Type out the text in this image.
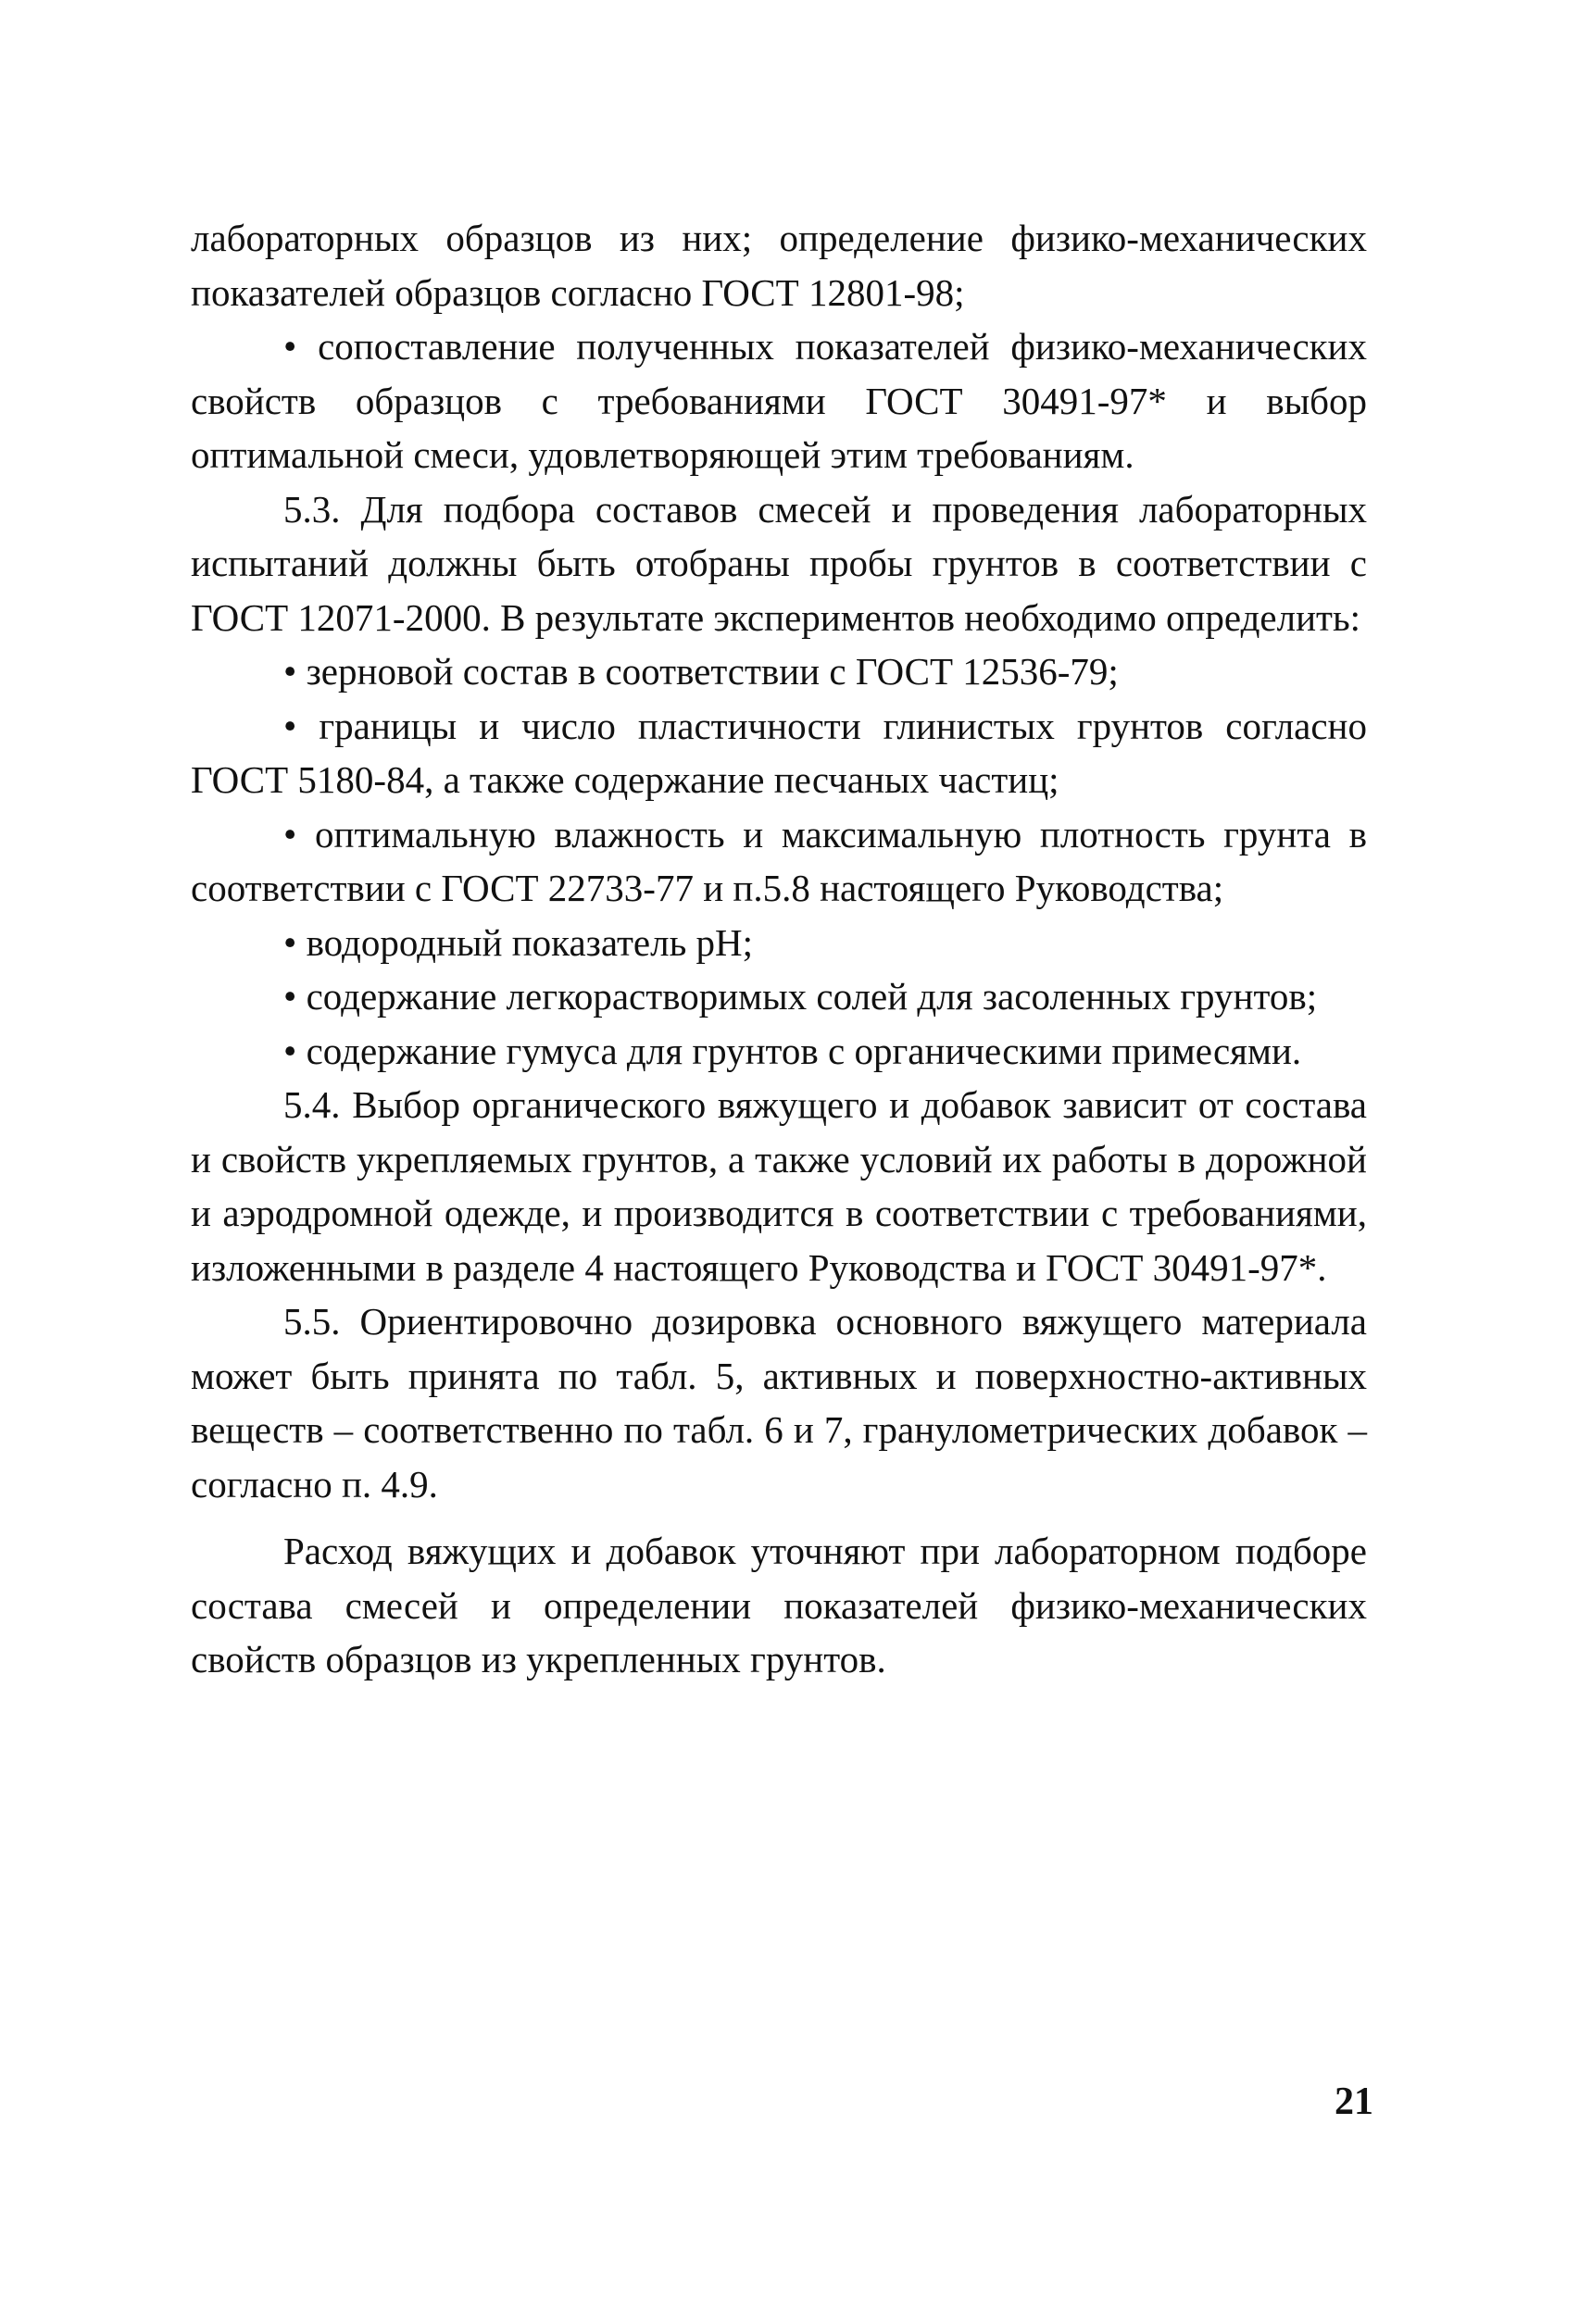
лабораторных образцов из них; определение физико-механических показателей образцов согласно ГОСТ 12801-98;

• сопоставление полученных показателей физико-механических свойств образцов с требованиями ГОСТ 30491-97* и выбор оптимальной смеси, удовлетворяющей этим требованиям.

5.3. Для подбора составов смесей и проведения лабораторных испытаний должны быть отобраны пробы грунтов в соответствии с ГОСТ 12071-2000. В результате экспериментов необходимо определить:

• зерновой состав в соответствии с ГОСТ 12536-79;

• границы и число пластичности глинистых грунтов согласно ГОСТ 5180-84, а также содержание песчаных частиц;

• оптимальную влажность и максимальную плотность грунта в соответствии с ГОСТ 22733-77 и п.5.8 настоящего Руководства;

• водородный показатель pH;

• содержание легкорастворимых солей для засоленных грунтов;

• содержание гумуса для грунтов с органическими примесями.

5.4. Выбор органического вяжущего и добавок зависит от состава и свойств укрепляемых грунтов, а также условий их работы в дорожной и аэродромной одежде, и производится в соответствии с требованиями, изложенными в разделе 4 настоящего Руководства и ГОСТ 30491-97*.

5.5. Ориентировочно дозировка основного вяжущего материала может быть принята по табл. 5, активных и поверхностно-активных веществ – соответственно по табл. 6 и 7, гранулометрических добавок – согласно п. 4.9.

Расход вяжущих и добавок уточняют при лабораторном подборе состава смесей и определении показателей физико-механических свойств образцов из укрепленных грунтов.

21
